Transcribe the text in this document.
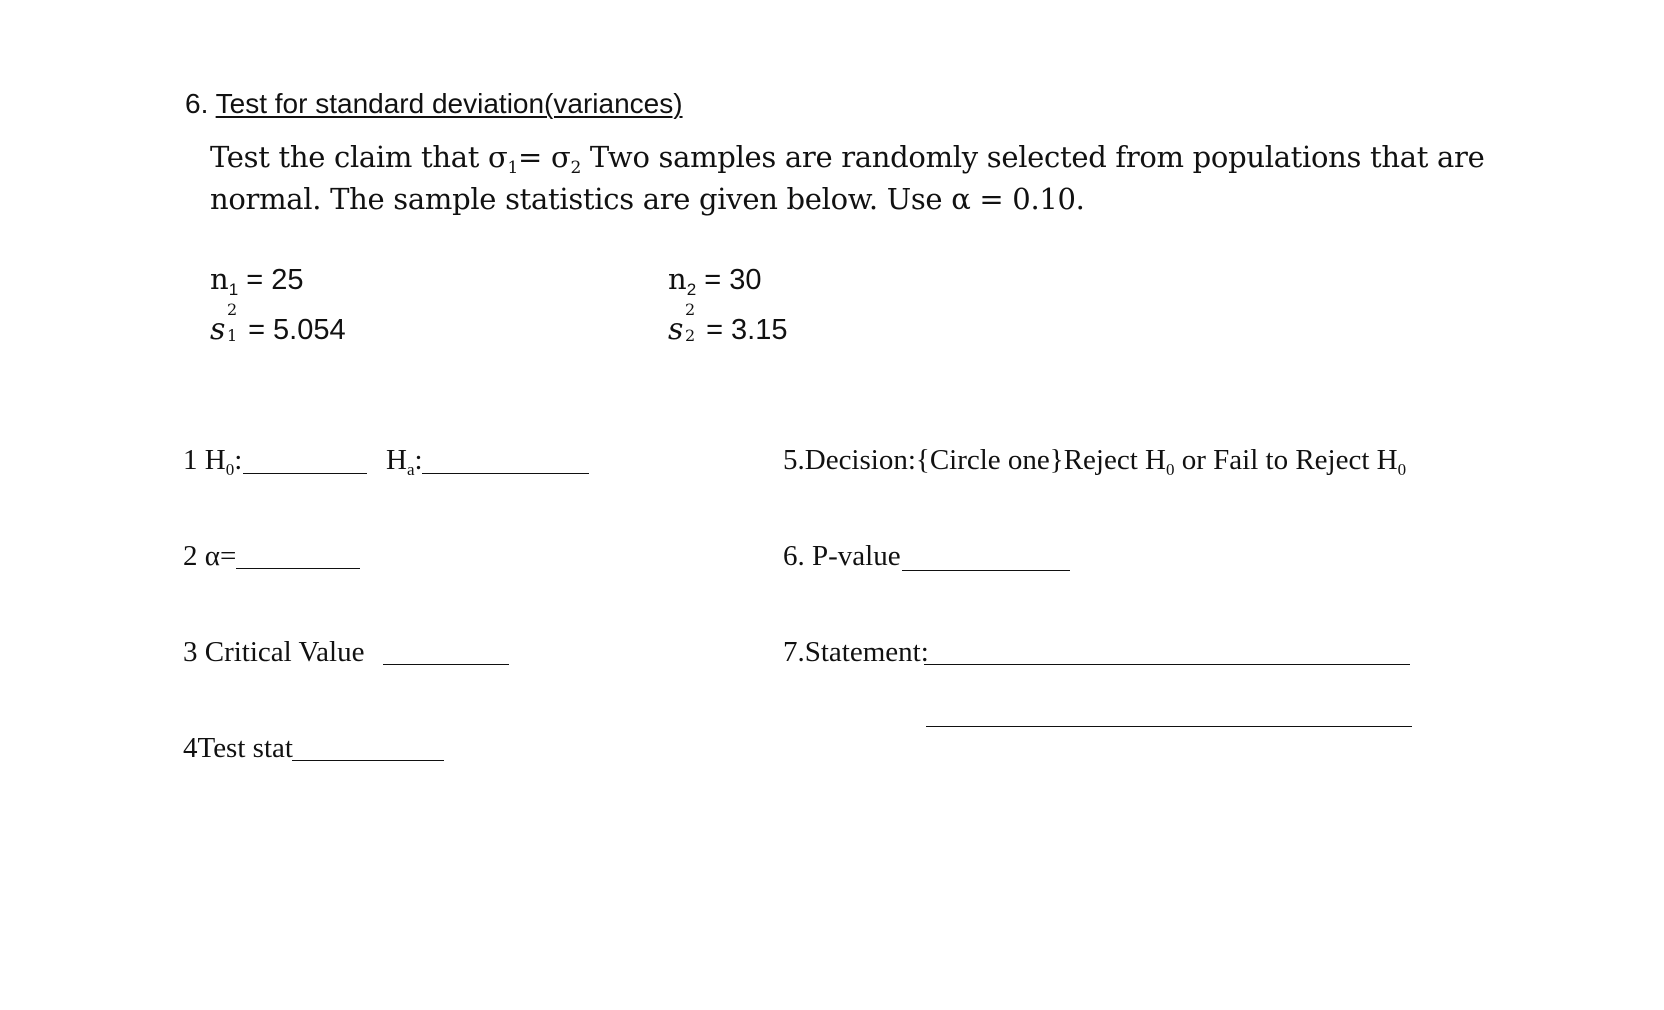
6. Test for standard deviation(variances)
Test the claim that $\sigma_1= \sigma_2$ Two samples are randomly selected from populations that are
normal. The sample statistics are given below. Use α = 0.10.
$n_1 = 25$
s
2
1 = 5.054
$n_2 = 30$
s
2
2 = 3.15
1 $H_0$:	$H_a$:
2 α=
3 Critical Value
4Test stat
5.Decision:{Circle one}Reject $H_0$ or Fail to Reject $H_0$
6. P-value
7.Statement:
